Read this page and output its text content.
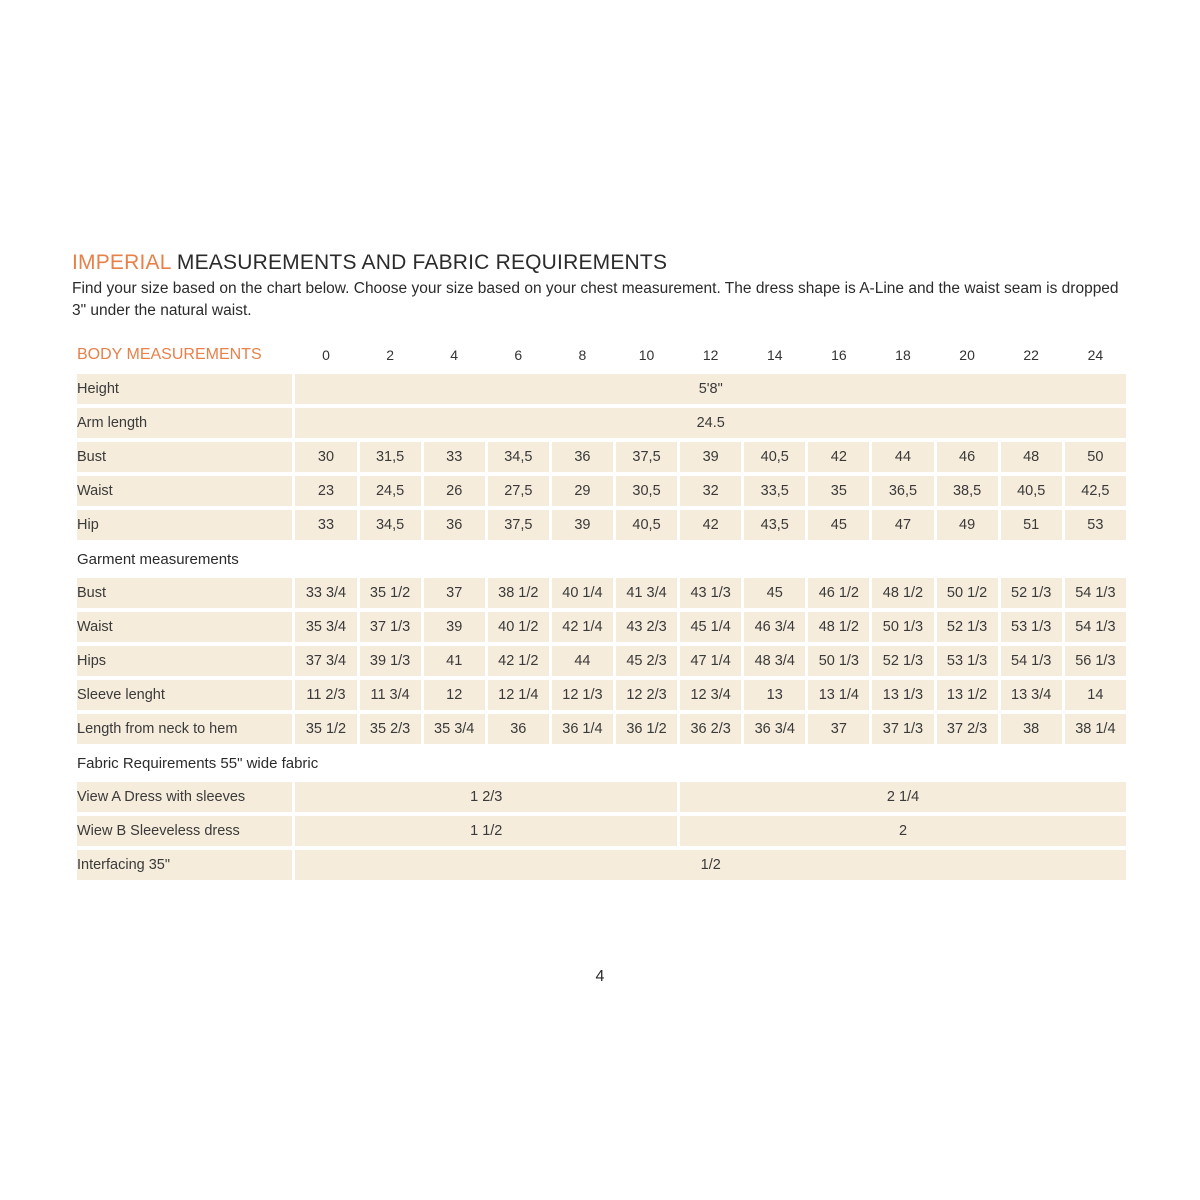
IMPERIAL MEASUREMENTS AND FABRIC REQUIREMENTS

Find your size based on the chart below. Choose your size based on your chest measurement. The dress shape is A-Line and the waist seam is dropped 3" under the natural waist.

BODY MEASUREMENTS	0	2	4	6	8	10	12	14	16	18	20	22	24
Height	5'8"												
Arm length	24.5												
Bust	30	31,5	33	34,5	36	37,5	39	40,5	42	44	46	48	50
Waist	23	24,5	26	27,5	29	30,5	32	33,5	35	36,5	38,5	40,5	42,5
Hip	33	34,5	36	37,5	39	40,5	42	43,5	45	47	49	51	53
Garment measurements													
Bust	33 3/4	35 1/2	37	38 1/2	40 1/4	41 3/4	43 1/3	45	46 1/2	48 1/2	50 1/2	52 1/3	54 1/3
Waist	35 3/4	37 1/3	39	40 1/2	42 1/4	43 2/3	45 1/4	46 3/4	48 1/2	50 1/3	52 1/3	53 1/3	54 1/3
Hips	37 3/4	39 1/3	41	42 1/2	44	45 2/3	47 1/4	48 3/4	50 1/3	52 1/3	53 1/3	54 1/3	56 1/3
Sleeve lenght	11 2/3	11 3/4	12	12 1/4	12 1/3	12 2/3	12 3/4	13	13 1/4	13 1/3	13 1/2	13 3/4	14
Length from neck to hem	35 1/2	35 2/3	35 3/4	36	36 1/4	36 1/2	36 2/3	36 3/4	37	37 1/3	37 2/3	38	38 1/4
Fabric Requirements 55" wide fabric													
View A Dress with sleeves	1 2/3						2 1/4						
Wiew B Sleeveless dress	1 1/2						2						
Interfacing 35"	1/2												
4
